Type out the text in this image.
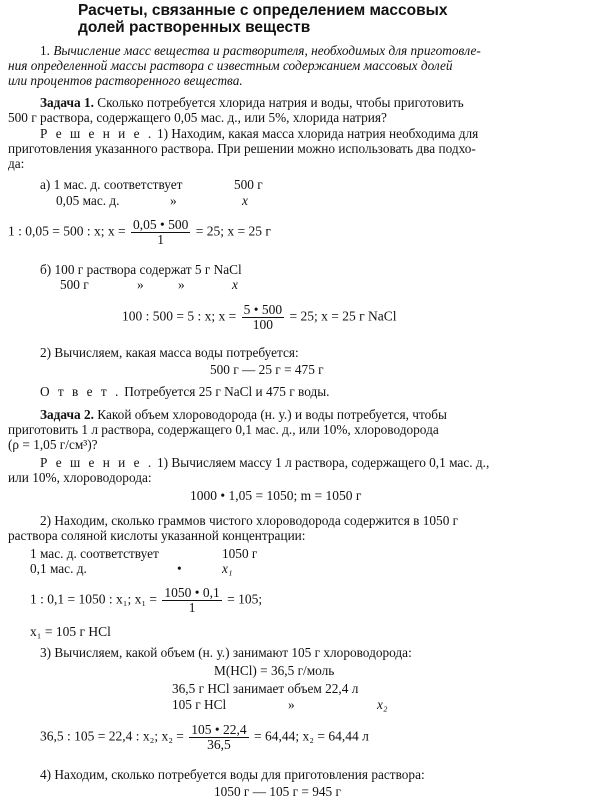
Расчеты, связанные с определением массовых
долей растворенных веществ
1. Вычисление масс вещества и растворителя, необходимых для приготовле-
ния определенной массы раствора с известным содержанием массовых долей
или процентов растворенного вещества.
Задача 1. Сколько потребуется хлорида натрия и воды, чтобы приготовить
500 г раствора, содержащего 0,05 мас. д., или 5%, хлорида натрия?
Р е ш е н и е . 1) Находим, какая масса хлорида натрия необходима для
приготовления указанного раствора. При решении можно использовать два подхо-
да:
а) 1 мас. д. соответствует	500 г
0,05 мас. д.	»	x
1 : 0,05 = 500 : x; $x = \frac{0,05 • 500}{1} = 25$; x = 25 г
б) 100 г раствора содержат 5 г NaCl
500 г	»	»	x
100 : 500 = 5 : x; $x = \frac{5 • 500}{100} = 25$; x = 25 г NaCl
2) Вычисляем, какая масса воды потребуется:
500 г — 25 г = 475 г
О т в е т . Потребуется 25 г NaCl и 475 г воды.
Задача 2. Какой объем хлороводорода (н. у.) и воды потребуется, чтобы
приготовить 1 л раствора, содержащего 0,1 мас. д., или 10%, хлороводорода
(ρ = 1,05 г/см³)?
Р е ш е н и е . 1) Вычисляем массу 1 л раствора, содержащего 0,1 мас. д.,
или 10%, хлороводорода:
1000 • 1,05 = 1050; m = 1050 г
2) Находим, сколько граммов чистого хлороводорода содержится в 1050 г
раствора соляной кислоты указанной концентрации:
1 мас. д. соответствует	1050 г
0,1 мас. д.	•	x₁
1 : 0,1 = 1050 : x₁; $x_1 = \frac{1050 • 0,1}{1} = 105$;
x₁ = 105 г HCl
3) Вычисляем, какой объем (н. у.) занимают 105 г хлороводорода:
M(HCl) = 36,5 г/моль
36,5 г HCl занимает объем 22,4 л
105 г HCl	»	x₂
36,5 : 105 = 22,4 : x₂; $x_2 = \frac{105 • 22,4}{36,5} = 64,44$; x₂ = 64,44 л
4) Находим, сколько потребуется воды для приготовления раствора:
1050 г — 105 г = 945 г
